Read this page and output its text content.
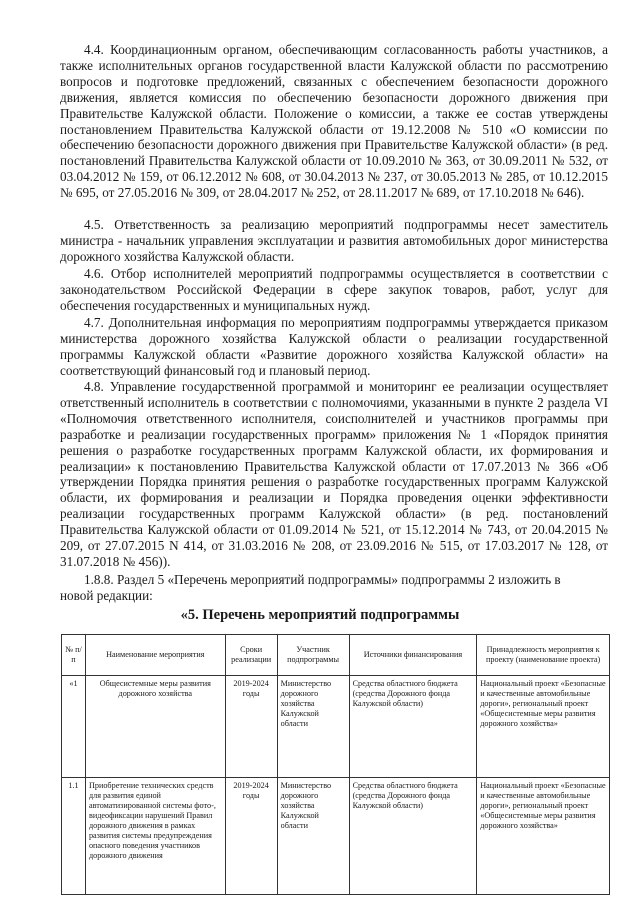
4.4. Координационным органом, обеспечивающим согласованность работы участников, а также исполнительных органов государственной власти Калужской области по рассмотрению вопросов и подготовке предложений, связанных с обеспечением безопасности дорожного движения, является комиссия по обеспечению безопасности дорожного движения при Правительстве Калужской области. Положение о комиссии, а также ее состав утверждены постановлением Правительства Калужской области от 19.12.2008 № 510 «О комиссии по обеспечению безопасности дорожного движения при Правительстве Калужской области» (в ред. постановлений Правительства Калужской области от 10.09.2010 № 363, от 30.09.2011 № 532, от 03.04.2012 № 159, от 06.12.2012 № 608, от 30.04.2013 № 237, от 30.05.2013 № 285, от 10.12.2015 № 695, от 27.05.2016 № 309, от 28.04.2017 № 252, от 28.11.2017 № 689, от 17.10.2018 № 646).

4.5. Ответственность за реализацию мероприятий подпрограммы несет заместитель министра - начальник управления эксплуатации и развития автомобильных дорог министерства дорожного хозяйства Калужской области.

4.6. Отбор исполнителей мероприятий подпрограммы осуществляется в соответствии с законодательством Российской Федерации в сфере закупок товаров, работ, услуг для обеспечения государственных и муниципальных нужд.

4.7. Дополнительная информация по мероприятиям подпрограммы утверждается приказом министерства дорожного хозяйства Калужской области о реализации государственной программы Калужской области «Развитие дорожного хозяйства Калужской области» на соответствующий финансовый год и плановый период.

4.8. Управление государственной программой и мониторинг ее реализации осуществляет ответственный исполнитель в соответствии с полномочиями, указанными в пункте 2 раздела VI «Полномочия ответственного исполнителя, соисполнителей и участников программы при разработке и реализации государственных программ» приложения № 1 «Порядок принятия решения о разработке государственных программ Калужской области, их формирования и реализации» к постановлению Правительства Калужской области от 17.07.2013 № 366 «Об утверждении Порядка принятия решения о разработке государственных программ Калужской области, их формирования и реализации и Порядка проведения оценки эффективности реализации государственных программ Калужской области» (в ред. постановлений Правительства Калужской области от 01.09.2014 № 521, от 15.12.2014 № 743, от 20.04.2015 № 209, от 27.07.2015 N 414, от 31.03.2016 № 208, от 23.09.2016 № 515, от 17.03.2017 № 128, от 31.07.2018 № 456)).

1.8.8. Раздел 5 «Перечень мероприятий подпрограммы» подпрограммы 2 изложить в

новой редакции:

«5. Перечень мероприятий подпрограммы
№ п/п	Наименование мероприятия	Сроки реализации	Участник подпрограммы	Источники финансирования	Принадлежность мероприятия к проекту (наименование проекта)
«1	Общесистемные меры развития дорожного хозяйства	2019-2024 годы	Министерство дорожного хозяйства Калужской области	Средства областного бюджета (средства Дорожного фонда Калужской области)	Национальный проект «Безопасные и качественные автомобильные дороги», региональный проект «Общесистемные меры развития дорожного хозяйства»
1.1	Приобретение технических средств для развития единой автоматизированной системы фото-, видеофиксации нарушений Правил дорожного движения в рамках развития системы предупреждения опасного поведения участников дорожного движения	2019-2024 годы	Министерство дорожного хозяйства Калужской области	Средства областного бюджета (средства Дорожного фонда Калужской области)	Национальный проект «Безопасные и качественные автомобильные дороги», региональный проект «Общесистемные меры развития дорожного хозяйства»
